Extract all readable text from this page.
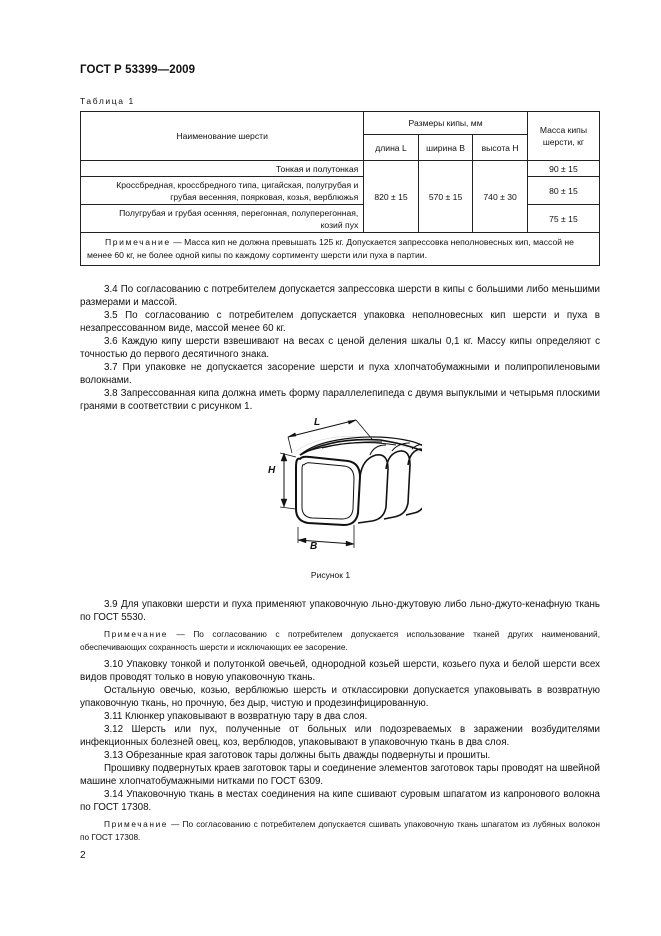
ГОСТ Р 53399—2009
Таблица 1
Наименование шерсти	Размеры кипы, мм			Масса кипы шерсти, кг
	длина L	ширина B	высота H	
Тонкая и полутонкая	820 ± 15	570 ± 15	740 ± 30	90 ± 15
Кроссбредная, кроссбредного типа, цигайская, полугрубая и грубая весенняя, поярковая, козья, верблюжья				80 ± 15
Полугрубая и грубая осенняя, перегонная, полуперегонная, козий пух				75 ± 15
Примечание — Масса кип не должна превышать 125 кг. Допускается запрессовка неполновесных кип, массой не менее 60 кг, не более одной кипы по каждому сортименту шерсти или пуха в партии.				
3.4 По согласованию с потребителем допускается запрессовка шерсти в кипы с большими либо меньшими размерами и массой.
3.5 По согласованию с потребителем допускается упаковка неполновесных кип шерсти и пуха в незапрессованном виде, массой менее 60 кг.
3.6 Каждую кипу шерсти взвешивают на весах с ценой деления шкалы 0,1 кг. Массу кипы определяют с точностью до первого десятичного знака.
3.7 При упаковке не допускается засорение шерсти и пуха хлопчатобумажными и полипропиленовыми волокнами.
3.8 Запрессованная кипа должна иметь форму параллелепипеда с двумя выпуклыми и четырьмя плоскими гранями в соответствии с рисунком 1.
L
H
B
Рисунок 1
3.9 Для упаковки шерсти и пуха применяют упаковочную льно-джутовую либо льно-джуто-кенафную ткань по ГОСТ 5530.
Примечание — По согласованию с потребителем допускается использование тканей других наименований, обеспечивающих сохранность шерсти и исключающих ее засорение.
3.10 Упаковку тонкой и полутонкой овечьей, однородной козьей шерсти, козьего пуха и белой шерсти всех видов проводят только в новую упаковочную ткань.
Остальную овечью, козью, верблюжью шерсть и отклассировки допускается упаковывать в возвратную упаковочную ткань, но прочную, без дыр, чистую и продезинфицированную.
3.11 Клюнкер упаковывают в возвратную тару в два слоя.
3.12 Шерсть или пух, полученные от больных или подозреваемых в заражении возбудителями инфекционных болезней овец, коз, верблюдов, упаковывают в упаковочную ткань в два слоя.
3.13 Обрезанные края заготовок тары должны быть дважды подвернуты и прошиты.
Прошивку подвернутых краев заготовок тары и соединение элементов заготовок тары проводят на швейной машине хлопчатобумажными нитками по ГОСТ 6309.
3.14 Упаковочную ткань в местах соединения на кипе сшивают суровым шпагатом из капронового волокна по ГОСТ 17308.
Примечание — По согласованию с потребителем допускается сшивать упаковочную ткань шпагатом из лубяных волокон по ГОСТ 17308.
2
